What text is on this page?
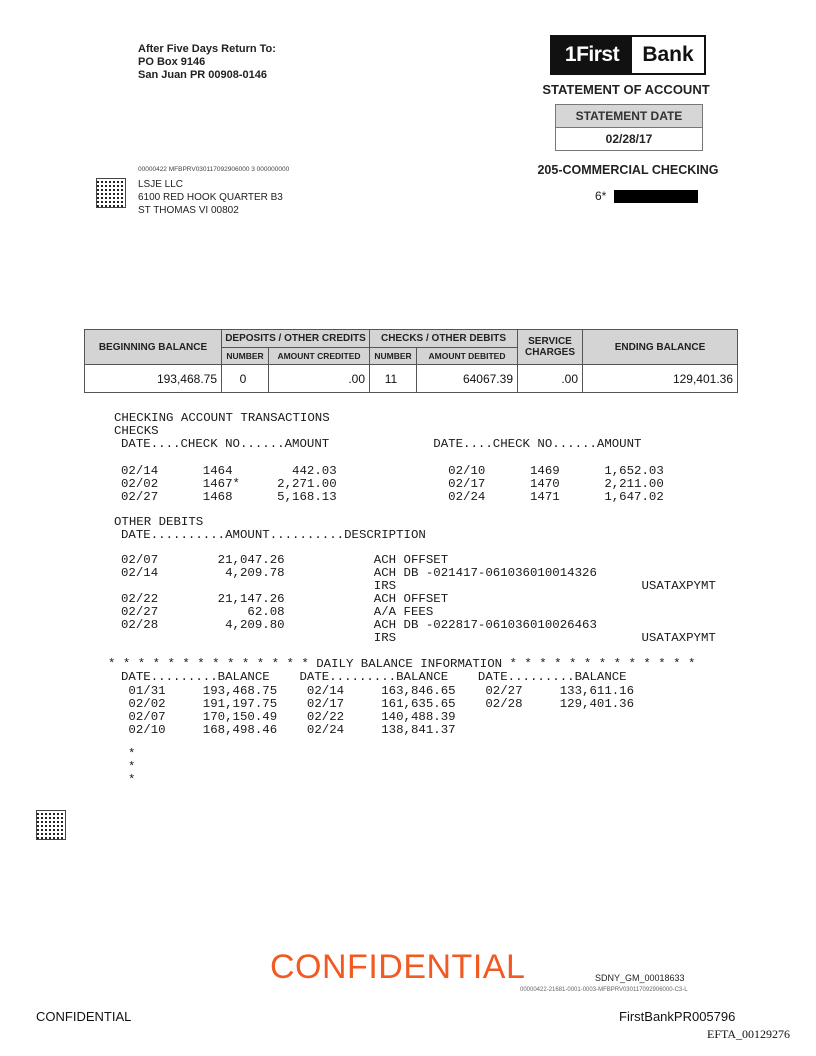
After Five Days Return To:
PO Box 9146
San Juan PR 00908-0146
1First	Bank
STATEMENT OF ACCOUNT
STATEMENT DATE
02/28/17
205-COMMERCIAL CHECKING
6*
00000422 MFBPRV030117092906000 3 000000000
LSJE LLC
6100 RED HOOK QUARTER B3
ST THOMAS VI 00802
BEGINNING BALANCE	DEPOSITS / OTHER CREDITS		CHECKS / OTHER DEBITS		SERVICE CHARGES	ENDING BALANCE
	NUMBER	AMOUNT CREDITED	NUMBER	AMOUNT DEBITED		
193,468.75	0	.00	11	64067.39	.00	129,401.36
CHECKING ACCOUNT TRANSACTIONS
CHECKS
DATE....CHECK NO......AMOUNT              DATE....CHECK NO......AMOUNT
02/14      1464        442.03               02/10      1469      1,652.03
02/02      1467*     2,271.00               02/17      1470      2,211.00
02/27      1468      5,168.13               02/24      1471      1,647.02
OTHER DEBITS
DATE..........AMOUNT..........DESCRIPTION
02/07        21,047.26            ACH OFFSET
02/14         4,209.78            ACH DB -021417-061036010014326
IRS                                 USATAXPYMT
02/22        21,147.26            ACH OFFSET
02/27            62.08            A/A FEES
02/28         4,209.80            ACH DB -022817-061036010026463
IRS                                 USATAXPYMT
* * * * * * * * * * * * * * DAILY BALANCE INFORMATION * * * * * * * * * * * * *
DATE.........BALANCE    DATE.........BALANCE    DATE.........BALANCE
01/31     193,468.75    02/14     163,846.65    02/27     133,611.16
02/02     191,197.75    02/17     161,635.65    02/28     129,401.36
02/07     170,150.49    02/22     140,488.39
02/10     168,498.46    02/24     138,841.37
*
*
*
CONFIDENTIAL	SDNY_GM_00018633
00000422-21681-0001-0003-MFBPRV030117092906000-C3-L
CONFIDENTIAL	FirstBankPR005796
EFTA_00129276
